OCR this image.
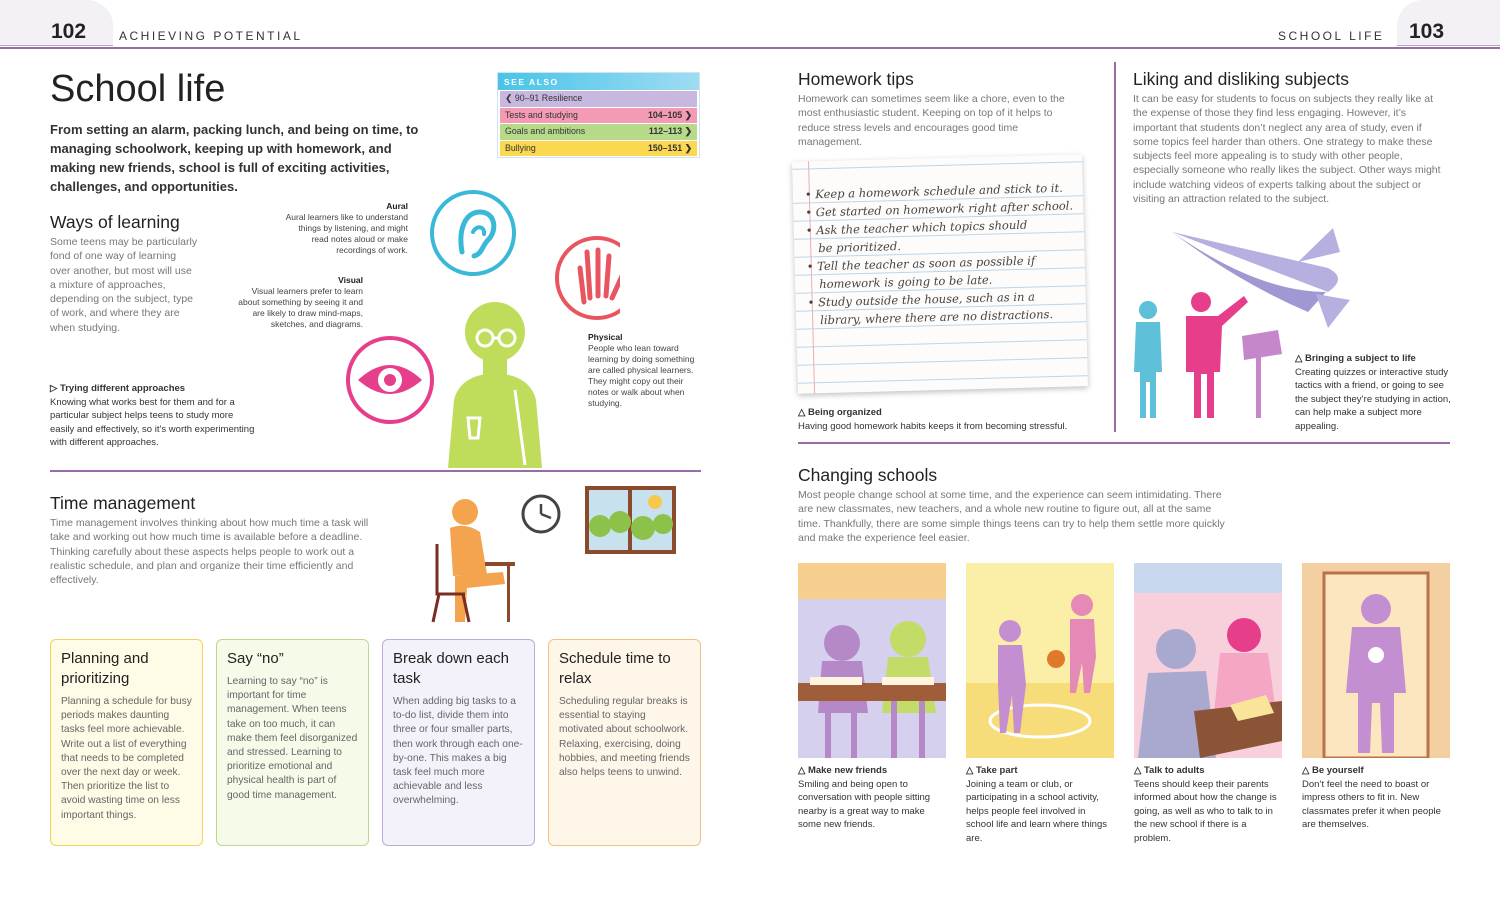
102	ACHIEVING POTENTIAL	SCHOOL LIFE 103
School life
From setting an alarm, packing lunch, and being on time, to managing schoolwork, keeping up with homework, and making new friends, school is full of exciting activities, challenges, and opportunities.
SEE ALSO
❮ 90–91 Resilience
Tests and studying	104–105 ❯
Goals and ambitions	112–113 ❯
Bullying	150–151 ❯
Ways of learning
Some teens may be particularly fond of one way of learning over another, but most will use a mixture of approaches, depending on the subject, type of work, and where they are when studying.
▷ Trying different approaches
Knowing what works best for them and for a particular subject helps teens to study more easily and effectively, so it’s worth experimenting with different approaches.
Aural
Aural learners like to understand things by listening, and might read notes aloud or make recordings of work.
Visual
Visual learners prefer to learn about something by seeing it and are likely to draw mind-maps, sketches, and diagrams.
Physical
People who lean toward learning by doing something are called physical learners. They might copy out their notes or walk about when studying.
Time management
Time management involves thinking about how much time a task will take and working out how much time is available before a deadline. Thinking carefully about these aspects helps people to work out a realistic schedule, and plan and organize their time efficiently and effectively.
Planning and prioritizing
Planning a schedule for busy periods makes daunting tasks feel more achievable. Write out a list of everything that needs to be completed over the next day or week. Then prioritize the list to avoid wasting time on less important things.
Say “no”
Learning to say “no” is important for time management. When teens take on too much, it can make them feel disorganized and stressed. Learning to prioritize emotional and physical health is part of good time management.
Break down each task
When adding big tasks to a to-do list, divide them into three or four smaller parts, then work through each one-by-one. This makes a big task feel much more achievable and less overwhelming.
Schedule time to relax
Scheduling regular breaks is essential to staying motivated about schoolwork. Relaxing, exercising, doing hobbies, and meeting friends also helps teens to unwind.
Homework tips
Homework can sometimes seem like a chore, even to the most enthusiastic student. Keeping on top of it helps to reduce stress levels and encourages good time management.
• Keep a homework schedule and stick to it.
• Get started on homework right after school.
• Ask the teacher which topics should
be prioritized.
• Tell the teacher as soon as possible if
homework is going to be late.
• Study outside the house, such as in a
library, where there are no distractions.
△ Being organized
Having good homework habits keeps it from becoming stressful.
Liking and disliking subjects
It can be easy for students to focus on subjects they really like at the expense of those they find less engaging. However, it’s important that students don’t neglect any area of study, even if some topics feel harder than others. One strategy to make these subjects feel more appealing is to study with other people, especially someone who really likes the subject. Other ways might include watching videos of experts talking about the subject or visiting an attraction related to the subject.
△ Bringing a subject to life
Creating quizzes or interactive study tactics with a friend, or going to see the subject they’re studying in action, can help make a subject more appealing.
Changing schools
Most people change school at some time, and the experience can seem intimidating. There are new classmates, new teachers, and a whole new routine to figure out, all at the same time. Thankfully, there are some simple things teens can try to help them settle more quickly and make the experience feel easier.
△ Make new friends
Smiling and being open to conversation with people sitting nearby is a great way to make some new friends.
△ Take part
Joining a team or club, or participating in a school activity, helps people feel involved in school life and learn where things are.
△ Talk to adults
Teens should keep their parents informed about how the change is going, as well as who to talk to in the new school if there is a problem.
△ Be yourself
Don’t feel the need to boast or impress others to fit in. New classmates prefer it when people are themselves.
